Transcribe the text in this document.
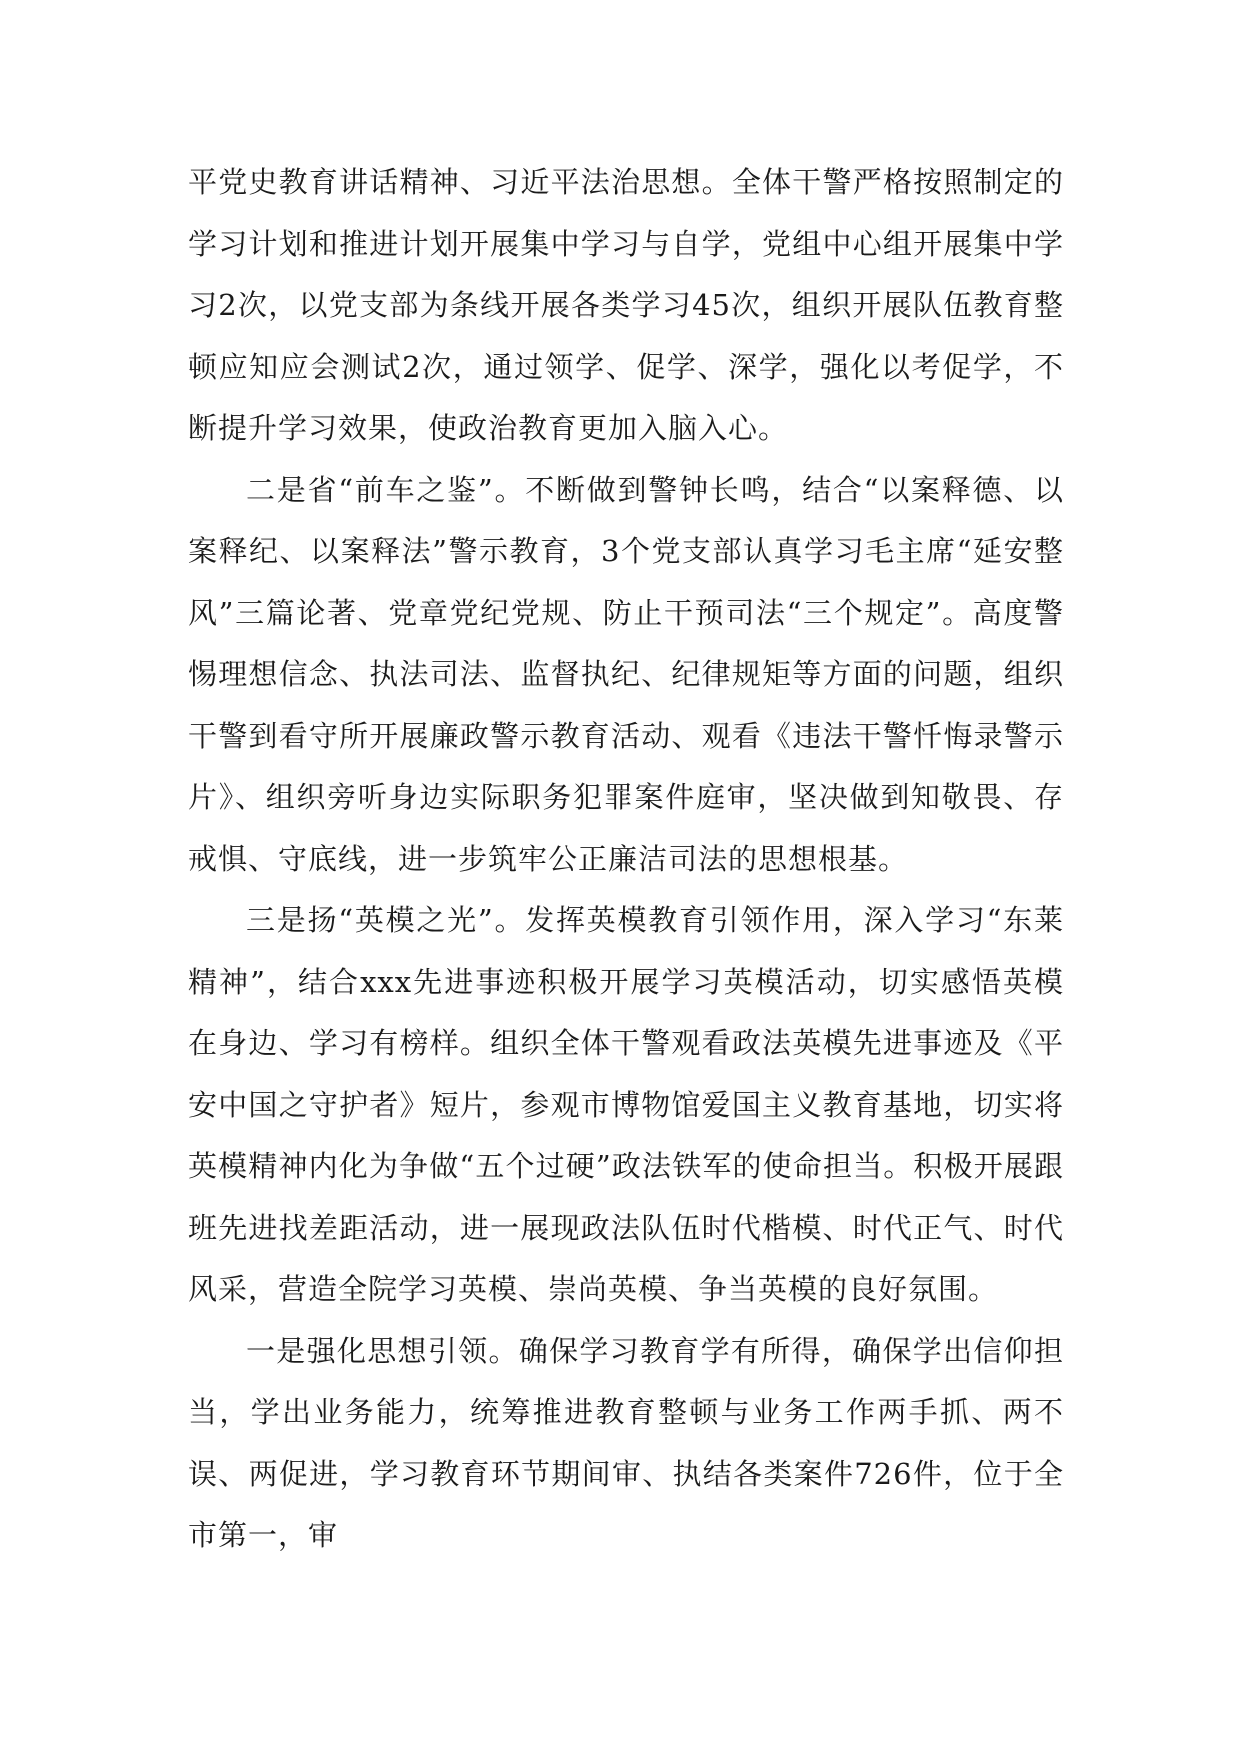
平党史教育讲话精神、习近平法治思想。全体干警严格按照制定的学习计划和推进计划开展集中学习与自学，党组中心组开展集中学习2次，以党支部为条线开展各类学习45次，组织开展队伍教育整顿应知应会测试2次，通过领学、促学、深学，强化以考促学，不断提升学习效果，使政治教育更加入脑入心。

二是省“前车之鉴”。不断做到警钟长鸣，结合“以案释德、以案释纪、以案释法”警示教育，3个党支部认真学习毛主席“延安整风”三篇论著、党章党纪党规、防止干预司法“三个规定”。高度警惕理想信念、执法司法、监督执纪、纪律规矩等方面的问题，组织干警到看守所开展廉政警示教育活动、观看《违法干警忏悔录警示片》、组织旁听身边实际职务犯罪案件庭审，坚决做到知敬畏、存戒惧、守底线，进一步筑牢公正廉洁司法的思想根基。

三是扬“英模之光”。发挥英模教育引领作用，深入学习“东莱精神”，结合xxx先进事迹积极开展学习英模活动，切实感悟英模在身边、学习有榜样。组织全体干警观看政法英模先进事迹及《平安中国之守护者》短片，参观市博物馆爱国主义教育基地，切实将英模精神内化为争做“五个过硬”政法铁军的使命担当。积极开展跟班先进找差距活动，进一展现政法队伍时代楷模、时代正气、时代风采，营造全院学习英模、崇尚英模、争当英模的良好氛围。

一是强化思想引领。确保学习教育学有所得，确保学出信仰担当，学出业务能力，统筹推进教育整顿与业务工作两手抓、两不误、两促进，学习教育环节期间审、执结各类案件726件，位于全市第一，审
